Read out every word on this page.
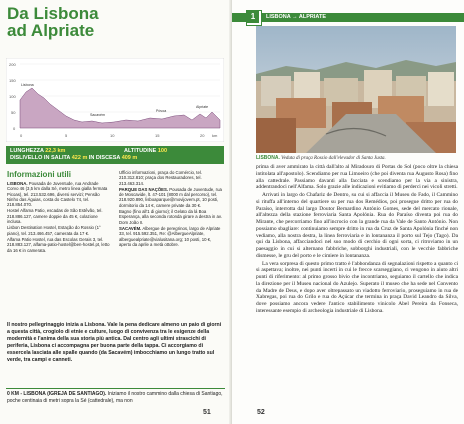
Da Lisbona
ad Alpriate
200
150
100
50
0
0	5	10	15	20 km
Lisbona
Sacavém
Póvoa
Alpriate
LUNGHEZZA 22,3 km	ALTITUDINE 100
DISLIVELLO IN SALITA 422 m IN DISCESA 409 m
Informazioni utili

LISBONA. Pousada de Juventude, rua Andrade Corvo 46 (3,5 km dalla Sé, metro linea gialla fermata Picoas), tel. 213.532.696, diversi servizi; Pensão Ninho das Águias, costa do Castelo 74, tel. 218.854.070.

Hostel Alfama Patio, escadas de São Estêvão, tel. 218.886.127, camere doppie da 45 €, colazione inclusa.

Lisbon Destination Hostel, Estação do Rossio (1° piano), tel. 213.466.457, camerata da 17 €.

Alfama Patio Hostel, rua das Escolas Gerais 3, tel. 218.883.127, alfama-patio-hostel@ben-hostel.pt, letto da 16 € in camerata.

Ufficio informazioni, praça do Comércio, tel. 210.312.810; praça dos Restauradores, tel. 213.463.314.

PARQUE DAS NAÇÕES. Pousada de Juventude, rua de Moscavide, lt. 47-101 (8000 m dal percorso), tel. 218.920.890, lisboaparque@movijovem.pt, 10 posti, dormitorio da 14 €, camere private da 30 €.

Bagno (fino all'1 di giorno); il Gelato da lá Boa Esperança, alla seconda rotonda girare a destra in av. Dom João II.

SACAVÉM. Albergue de peregrinos, largo de Alpriate 33, tel. 915.592.351, Re: @AlbergueAlpriate, alberguealpriate@vialusitana.org; 10 posti, 10 €, aperto da aprile a metà ottobre.

Il nostro pellegrinaggio inizia a Lisbona. Vale la pena dedicare almeno un paio di giorni a questa città, crogiolo di etnie e culture, luogo di convivenza tra le esigenze della modernità e l'anima della sua storia più antica. Dal centro agli ultimi strascichi di periferia, Lisbona ci accompagna per buona parte della tappa. Ci accorgiamo di essercela lasciata alle spalle quando (da Sacavém) imbocchiamo un lungo tratto sul verde, tra campi e canneti.

0 KM - LISBONA (IGREJA DE SANTIAGO). Iniziamo il nostro cammino dalla chiesa di Santiago, poche centinaia di metri sopra la Sé (cattedrale), ma non

51
1	LISBONA → ALPRIATE

LISBONA. Veduta di praça Rossio dall'elevador di Santa Justa.

prima di aver ammirato la città dall'alto al Miradouro di Portas do Sol (poco oltre la chiesa intitolata all'apostolo). Scendiamo per rua Limoeiro (che poi diventa rua Augusto Rosa) fino alla cattedrale. Passiamo davanti alla facciata e scendiamo per la via a sinistra, addentrandoci nell'Alfama. Solo grazie alle indicazioni evitiamo di perderci nei vicoli stretti.

Arrivati in largo do Chafariz de Dentro, su cui si affaccia il Museu do Fado, il Cammino si rituffa all'interno del quartiere su per rua dos Remédios, poi prosegue dritto per rua do Paraíso, interrotta dal largo Doutor Bernardino António Gomes, sede del mercato rionale, all'altezza della stazione ferroviaria Santa Apolónia. Rua do Paraíso diventa poi rua do Mirante, che percorriamo fino all'incrocio con la grande rua da Vale de Santo António. Non possiamo sbagliare: continuiamo sempre dritto in rua da Cruz de Santa Apolónia finché non vediamo, alla nostra destra, la linea ferroviaria e in lontananza il porto sul Tejo (Tago). Da qui da Lisbona, affacciandoci nel suo modo di cerchio di ogni sorta, ci ritroviamo in un paesaggio in cui si alternano fabbriche, sobborghi industriali, con le vecchie fabbriche dismesse, le gru del porto e le cimiere in lontananza.

La vera sorpresa di questo primo tratto è l'abbondanza di segnalazioni rispetto a quanto ci si aspettava; inoltre, nei punti incerti in cui le frecce scarseggiano, ci vengono in aiuto altri punti di riferimento: al primo grosso bivio che incontriamo, seguiamo il cartello che indica la direzione per il Museu nacional do Azulejo. Superato il museo che ha sede nel Convento da Madre de Deus, e dopo aver oltrepassato un viadotto ferroviario, proseguiamo in rua de Xabregas, poi rua do Grilo e rua do Açúcar che termina in praça David Leandro da Silva, dove possiamo ancora vedere l'antico stabilimento vinicolo Abel Pereira da Fonseca, interessante esempio di archeologia industriale di Lisbona.

52
